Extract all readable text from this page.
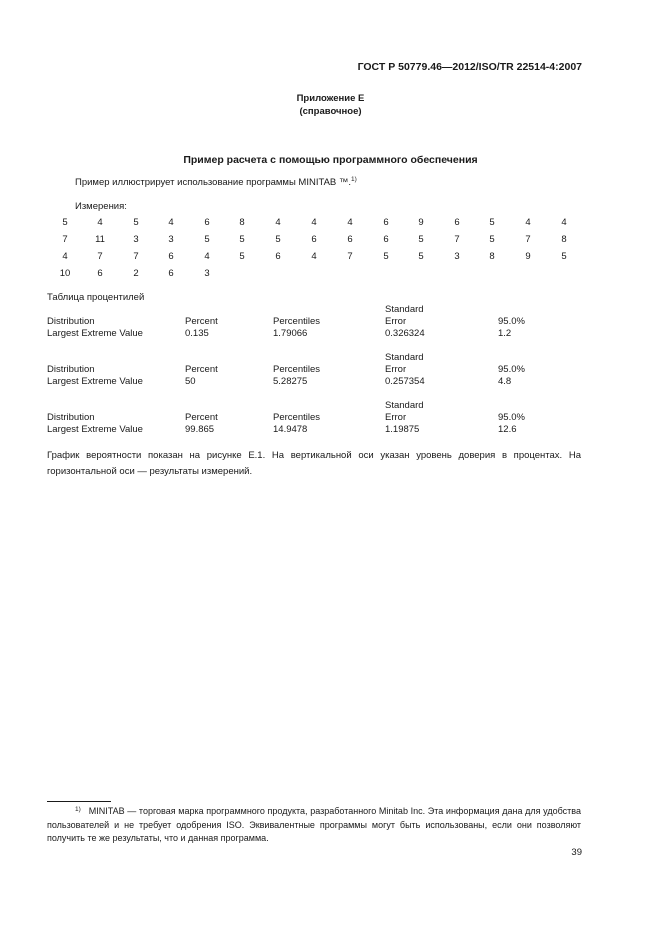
ГОСТ Р 50779.46—2012/ISO/TR 22514-4:2007
Приложение Е
(справочное)
Пример расчета с помощью программного обеспечения
Пример иллюстрирует использование программы MINITAB ™.$^{1)}$
Измерения:
5	4	5	4	6	8	4	4	4	6	9	6	5	4	4
7	11	3	3	5	5	5	6	6	6	5	7	5	7	8
4	7	7	6	4	5	6	4	7	5	5	3	8	9	5
10	6	2	6	3
Таблица процентилей
Standard
Distribution	Percent	Percentiles	Error	95.0%
Largest Extreme Value	0.135	1.79066	0.326324	1.2
Standard
Distribution	Percent	Percentiles	Error	95.0%
Largest Extreme Value	50	5.28275	0.257354	4.8
Standard
Distribution	Percent	Percentiles	Error	95.0%
Largest Extreme Value	99.865	14.9478	1.19875	12.6
График вероятности показан на рисунке Е.1. На вертикальной оси указан уровень доверия в процентах. На горизонтальной оси — результаты измерений.
$^{1)}$ MINITAB — торговая марка программного продукта, разработанного Minitab Inc. Эта информация дана для удобства пользователей и не требует одобрения ISO. Эквивалентные программы могут быть использованы, если они позволяют получить те же результаты, что и данная программа.
39
